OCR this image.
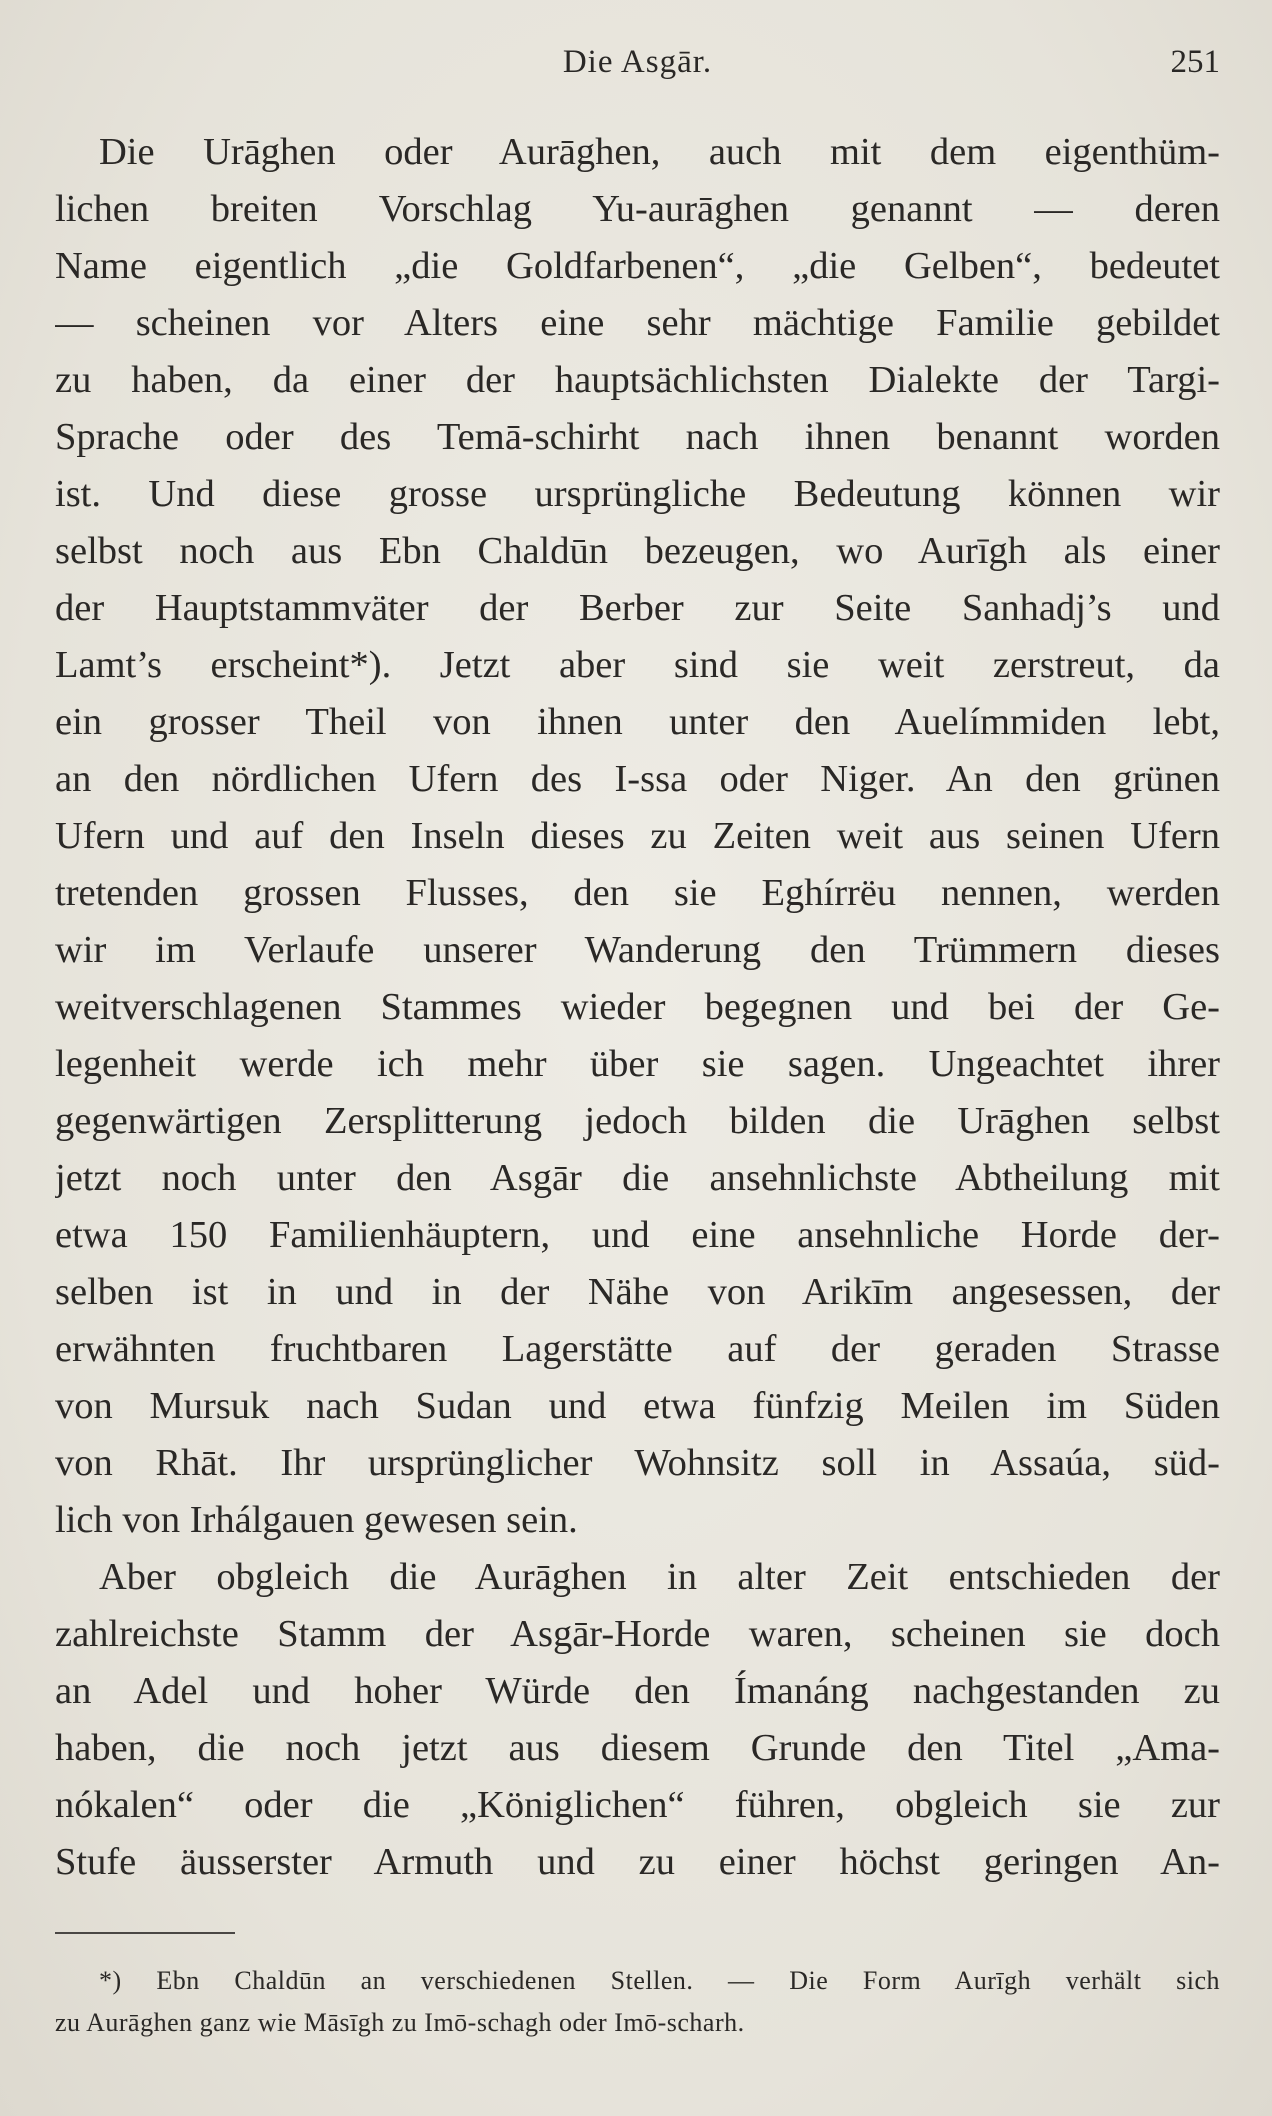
Die Asgār.	251
Die Urāghen oder Aurāghen, auch mit dem eigenthüm-
lichen breiten Vorschlag Yu-aurāghen genannt — deren
Name eigentlich „die Goldfarbenen“, „die Gelben“, bedeutet
— scheinen vor Alters eine sehr mächtige Familie gebildet
zu haben, da einer der hauptsächlichsten Dialekte der Targi-
Sprache oder des Temā-schirht nach ihnen benannt worden
ist. Und diese grosse ursprüngliche Bedeutung können wir
selbst noch aus Ebn Chaldūn bezeugen, wo Aurīgh als einer
der Hauptstammväter der Berber zur Seite Sanhadj’s und
Lamt’s erscheint*). Jetzt aber sind sie weit zerstreut, da
ein grosser Theil von ihnen unter den Auelímmiden lebt,
an den nördlichen Ufern des I-ssa oder Niger. An den grünen
Ufern und auf den Inseln dieses zu Zeiten weit aus seinen Ufern
tretenden grossen Flusses, den sie Eghírrëu nennen, werden
wir im Verlaufe unserer Wanderung den Trümmern dieses
weitverschlagenen Stammes wieder begegnen und bei der Ge-
legenheit werde ich mehr über sie sagen. Ungeachtet ihrer
gegenwärtigen Zersplitterung jedoch bilden die Urāghen selbst
jetzt noch unter den Asgār die ansehnlichste Abtheilung mit
etwa 150 Familienhäuptern, und eine ansehnliche Horde der-
selben ist in und in der Nähe von Arikīm angesessen, der
erwähnten fruchtbaren Lagerstätte auf der geraden Strasse
von Mursuk nach Sudan und etwa fünfzig Meilen im Süden
von Rhāt. Ihr ursprünglicher Wohnsitz soll in Assaúa, süd-
lich von Irhálgauen gewesen sein.
Aber obgleich die Aurāghen in alter Zeit entschieden der
zahlreichste Stamm der Asgār-Horde waren, scheinen sie doch
an Adel und hoher Würde den Ímanáng nachgestanden zu
haben, die noch jetzt aus diesem Grunde den Titel „Ama-
nókalen“ oder die „Königlichen“ führen, obgleich sie zur
Stufe äusserster Armuth und zu einer höchst geringen An-
*) Ebn Chaldūn an verschiedenen Stellen. — Die Form Aurīgh verhält sich
zu Aurāghen ganz wie Māsīgh zu Imō-schagh oder Imō-scharh.
